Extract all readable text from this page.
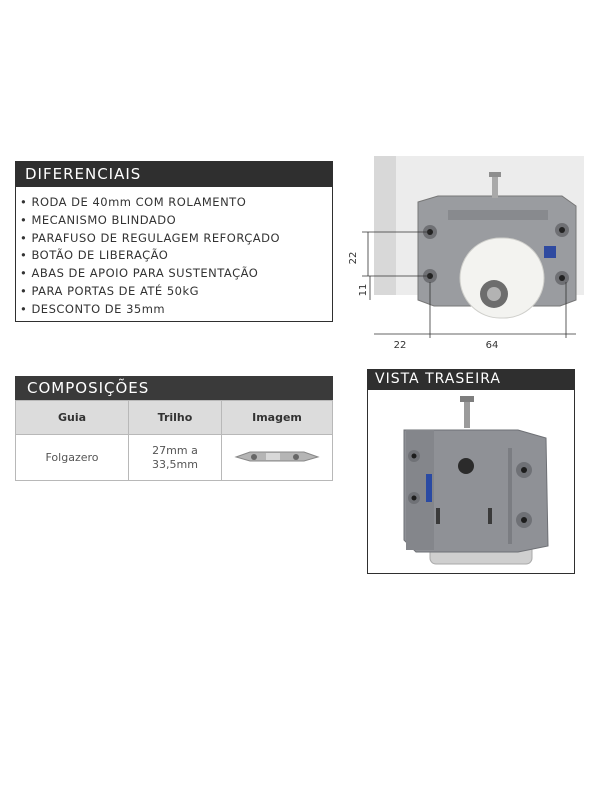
DIFERENCIAIS
• RODA DE 40mm COM ROLAMENTO
• MECANISMO BLINDADO
• PARAFUSO DE REGULAGEM REFORÇADO
• BOTÃO DE LIBERAÇÃO
• ABAS DE APOIO PARA SUSTENTAÇÃO
• PARA PORTAS DE ATÉ 50kG
• DESCONTO DE 35mm
22
11
22	64
COMPOSIÇÕES
Guia	Trilho	Imagem
Folgazero	27mm a
33,5mm	
VISTA TRASEIRA
